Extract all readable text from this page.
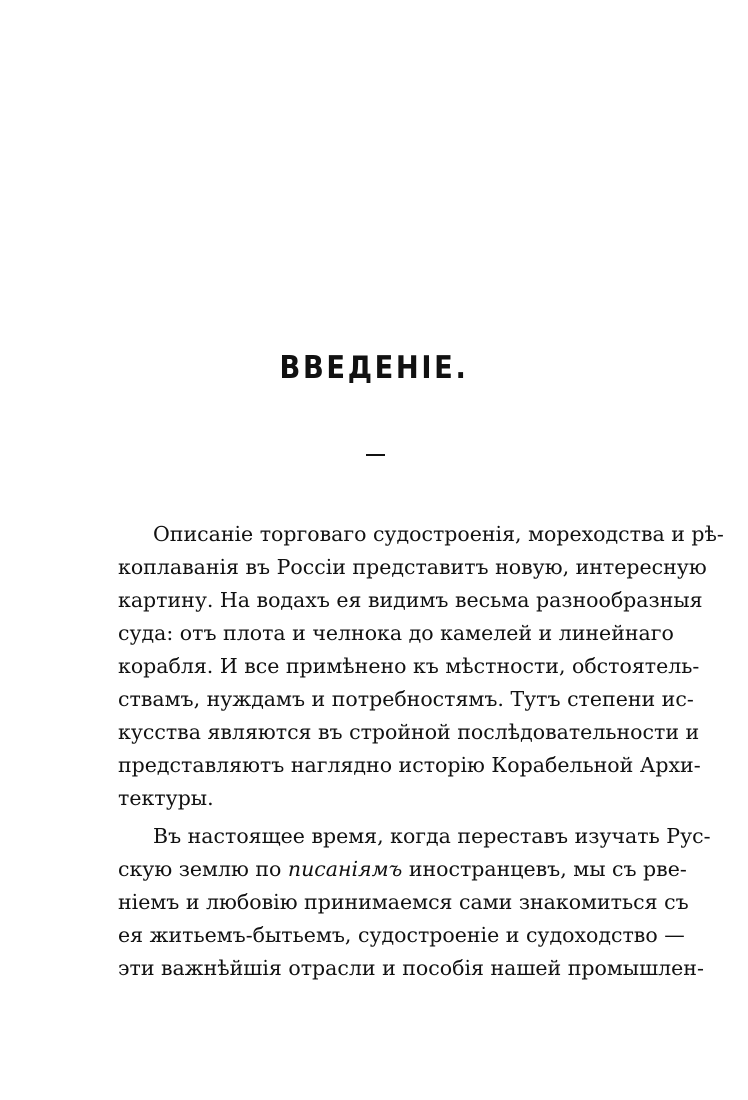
ВВЕДЕНІЕ.
Описаніе торговаго судостроенія, мореходства и рѣ-
коплаванія въ Россіи представитъ новую, интересную
картину. На водахъ ея видимъ весьма разнообразныя
суда: отъ плота и челнока до камелей и линейнаго
корабля. И все примѣнено къ мѣстности, обстоятель-
ствамъ, нуждамъ и потребностямъ. Тутъ степени ис-
кусства являются въ стройной послѣдовательности и
представляютъ наглядно исторію Корабельной Архи-
тектуры.
Въ настоящее время, когда переставъ изучать Рус-
скую землю по писаніямъ иностранцевъ, мы съ рве-
ніемъ и любовію принимаемся сами знакомиться съ
ея житьемъ-бытьемъ, судостроеніе и судоходство —
эти важнѣйшія отрасли и пособія нашей промышлен-
